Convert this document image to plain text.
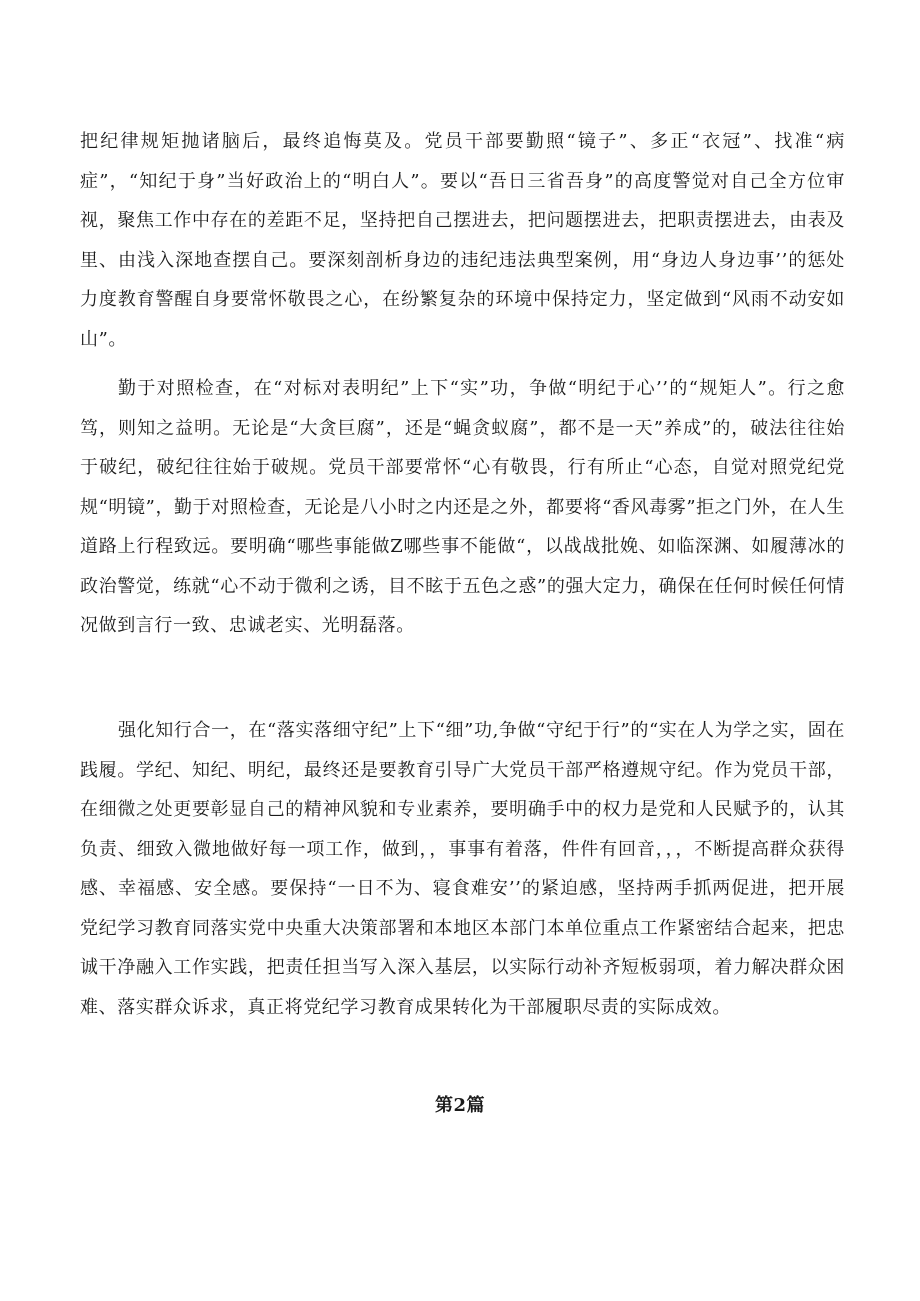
把纪律规矩抛诸脑后，最终追悔莫及。党员干部要勤照“镜子”、多正“衣冠”、找准“病症”，“知纪于身”当好政治上的“明白人”。要以“吾日三省吾身”的高度警觉对自己全方位审视，聚焦工作中存在的差距不足，坚持把自己摆进去，把问题摆进去，把职责摆进去，由表及里、由浅入深地查摆自己。要深刻剖析身边的违纪违法典型案例，用“身边人身边事’’的惩处力度教育警醒自身要常怀敬畏之心，在纷繁复杂的环境中保持定力，坚定做到“风雨不动安如山”。

勤于对照检查，在“对标对表明纪”上下“实”功，争做“明纪于心’’的“规矩人”。行之愈笃，则知之益明。无论是“大贪巨腐”，还是“蝇贪蚁腐”，都不是一天”养成”的，破法往往始于破纪，破纪往往始于破规。党员干部要常怀“心有敬畏，行有所止“心态，自觉对照党纪党规“明镜”，勤于对照检查，无论是八小时之内还是之外，都要将“香风毒雾”拒之门外，在人生道路上行程致远。要明确“哪些事能做Z哪些事不能做“，以战战批娩、如临深渊、如履薄冰的政治警觉，练就“心不动于微利之诱，目不眩于五色之惑”的强大定力，确保在任何时候任何情况做到言行一致、忠诚老实、光明磊落。

强化知行合一，在“落实落细守纪”上下“细”功,争做“守纪于行”的“实在人为学之实，固在践履。学纪、知纪、明纪，最终还是要教育引导广大党员干部严格遵规守纪。作为党员干部，在细微之处更要彰显自己的精神风貌和专业素养，要明确手中的权力是党和人民赋予的，认其负责、细致入微地做好每一项工作，做到，，事事有着落，件件有回音，，，不断提高群众获得感、幸福感、安全感。要保持“一日不为、寝食难安’’的紧迫感，坚持两手抓两促进，把开展党纪学习教育同落实党中央重大决策部署和本地区本部门本单位重点工作紧密结合起来，把忠诚干净融入工作实践，把责任担当写入深入基层，以实际行动补齐短板弱项，着力解决群众困难、落实群众诉求，真正将党纪学习教育成果转化为干部履职尽责的实际成效。

第2篇
